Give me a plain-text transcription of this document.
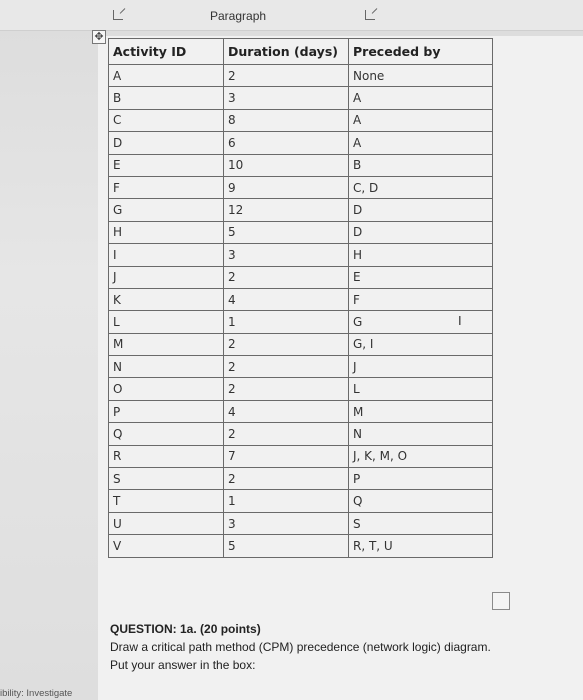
Paragraph
✥
Activity ID	Duration (days)	Preceded by
A	2	None
B	3	A
C	8	A
D	6	A
E	10	B
F	9	C, D
G	12	D
H	5	D
I	3	H
J	2	E
K	4	F
L	1	G
M	2	G, I
N	2	J
O	2	L
P	4	M
Q	2	N
R	7	J, K, M, O
S	2	P
T	1	Q
U	3	S
V	5	R, T, U
I
QUESTION: 1a. (20 points)
Draw a critical path method (CPM) precedence (network logic) diagram.
Put your answer in the box:
ibility: Investigate
